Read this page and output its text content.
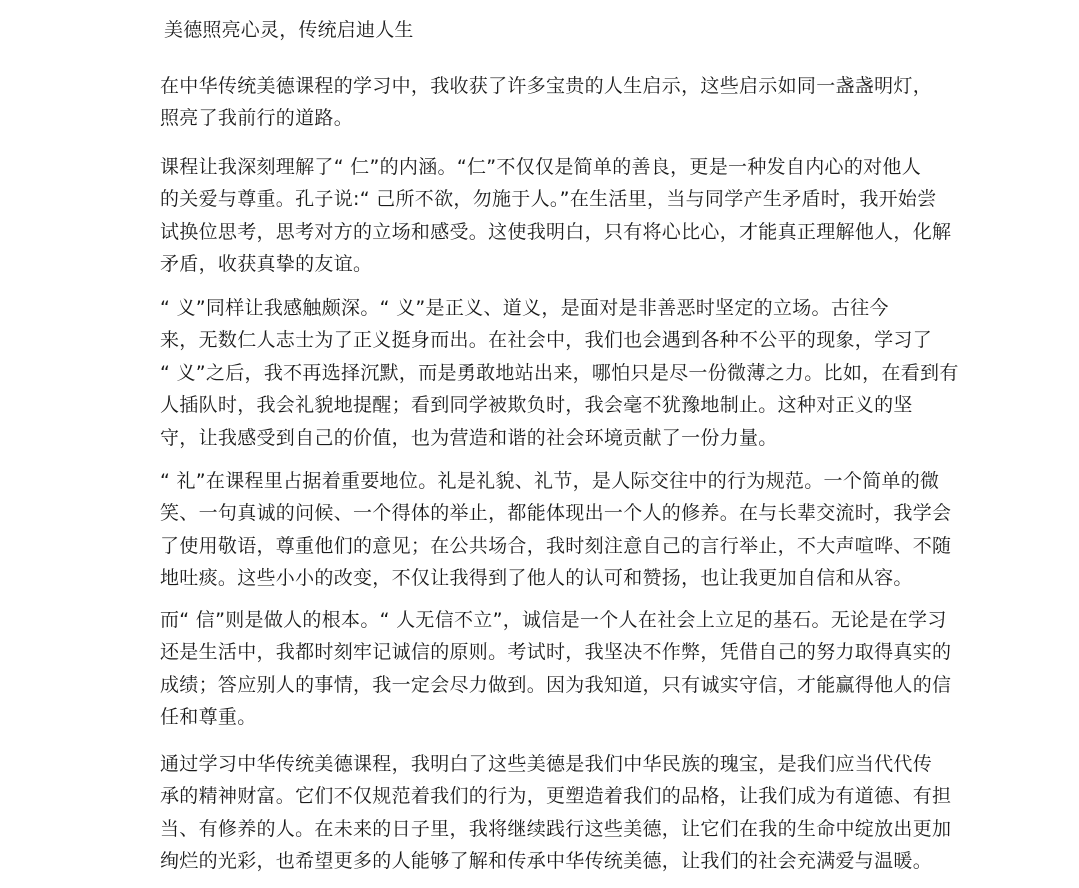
美德照亮心灵，传统启迪人生
在中华传统美德课程的学习中，我收获了许多宝贵的人生启示，这些启示如同一盏盏明灯，
照亮了我前行的道路。
课程让我深刻理解了“ 仁”的内涵。“仁”不仅仅是简单的善良，更是一种发自内心的对他人
的关爱与尊重。孔子说:“ 己所不欲，勿施于人。”在生活里，当与同学产生矛盾时，我开始尝
试换位思考，思考对方的立场和感受。这使我明白，只有将心比心，才能真正理解他人，化解
矛盾，收获真挚的友谊。
“ 义”同样让我感触颇深。“ 义”是正义、道义，是面对是非善恶时坚定的立场。古往今
来，无数仁人志士为了正义挺身而出。在社会中，我们也会遇到各种不公平的现象，学习了
“ 义”之后，我不再选择沉默，而是勇敢地站出来，哪怕只是尽一份微薄之力。比如，在看到有
人插队时，我会礼貌地提醒；看到同学被欺负时，我会毫不犹豫地制止。这种对正义的坚
守，让我感受到自己的价值，也为营造和谐的社会环境贡献了一份力量。
“ 礼”在课程里占据着重要地位。礼是礼貌、礼节，是人际交往中的行为规范。一个简单的微
笑、一句真诚的问候、一个得体的举止，都能体现出一个人的修养。在与长辈交流时，我学会
了使用敬语，尊重他们的意见；在公共场合，我时刻注意自己的言行举止，不大声喧哗、不随
地吐痰。这些小小的改变，不仅让我得到了他人的认可和赞扬，也让我更加自信和从容。
而“ 信”则是做人的根本。“ 人无信不立”，诚信是一个人在社会上立足的基石。无论是在学习
还是生活中，我都时刻牢记诚信的原则。考试时，我坚决不作弊，凭借自己的努力取得真实的
成绩；答应别人的事情，我一定会尽力做到。因为我知道，只有诚实守信，才能赢得他人的信
任和尊重。
通过学习中华传统美德课程，我明白了这些美德是我们中华民族的瑰宝，是我们应当代代传
承的精神财富。它们不仅规范着我们的行为，更塑造着我们的品格，让我们成为有道德、有担
当、有修养的人。在未来的日子里，我将继续践行这些美德，让它们在我的生命中绽放出更加
绚烂的光彩，也希望更多的人能够了解和传承中华传统美德，让我们的社会充满爱与温暖。
